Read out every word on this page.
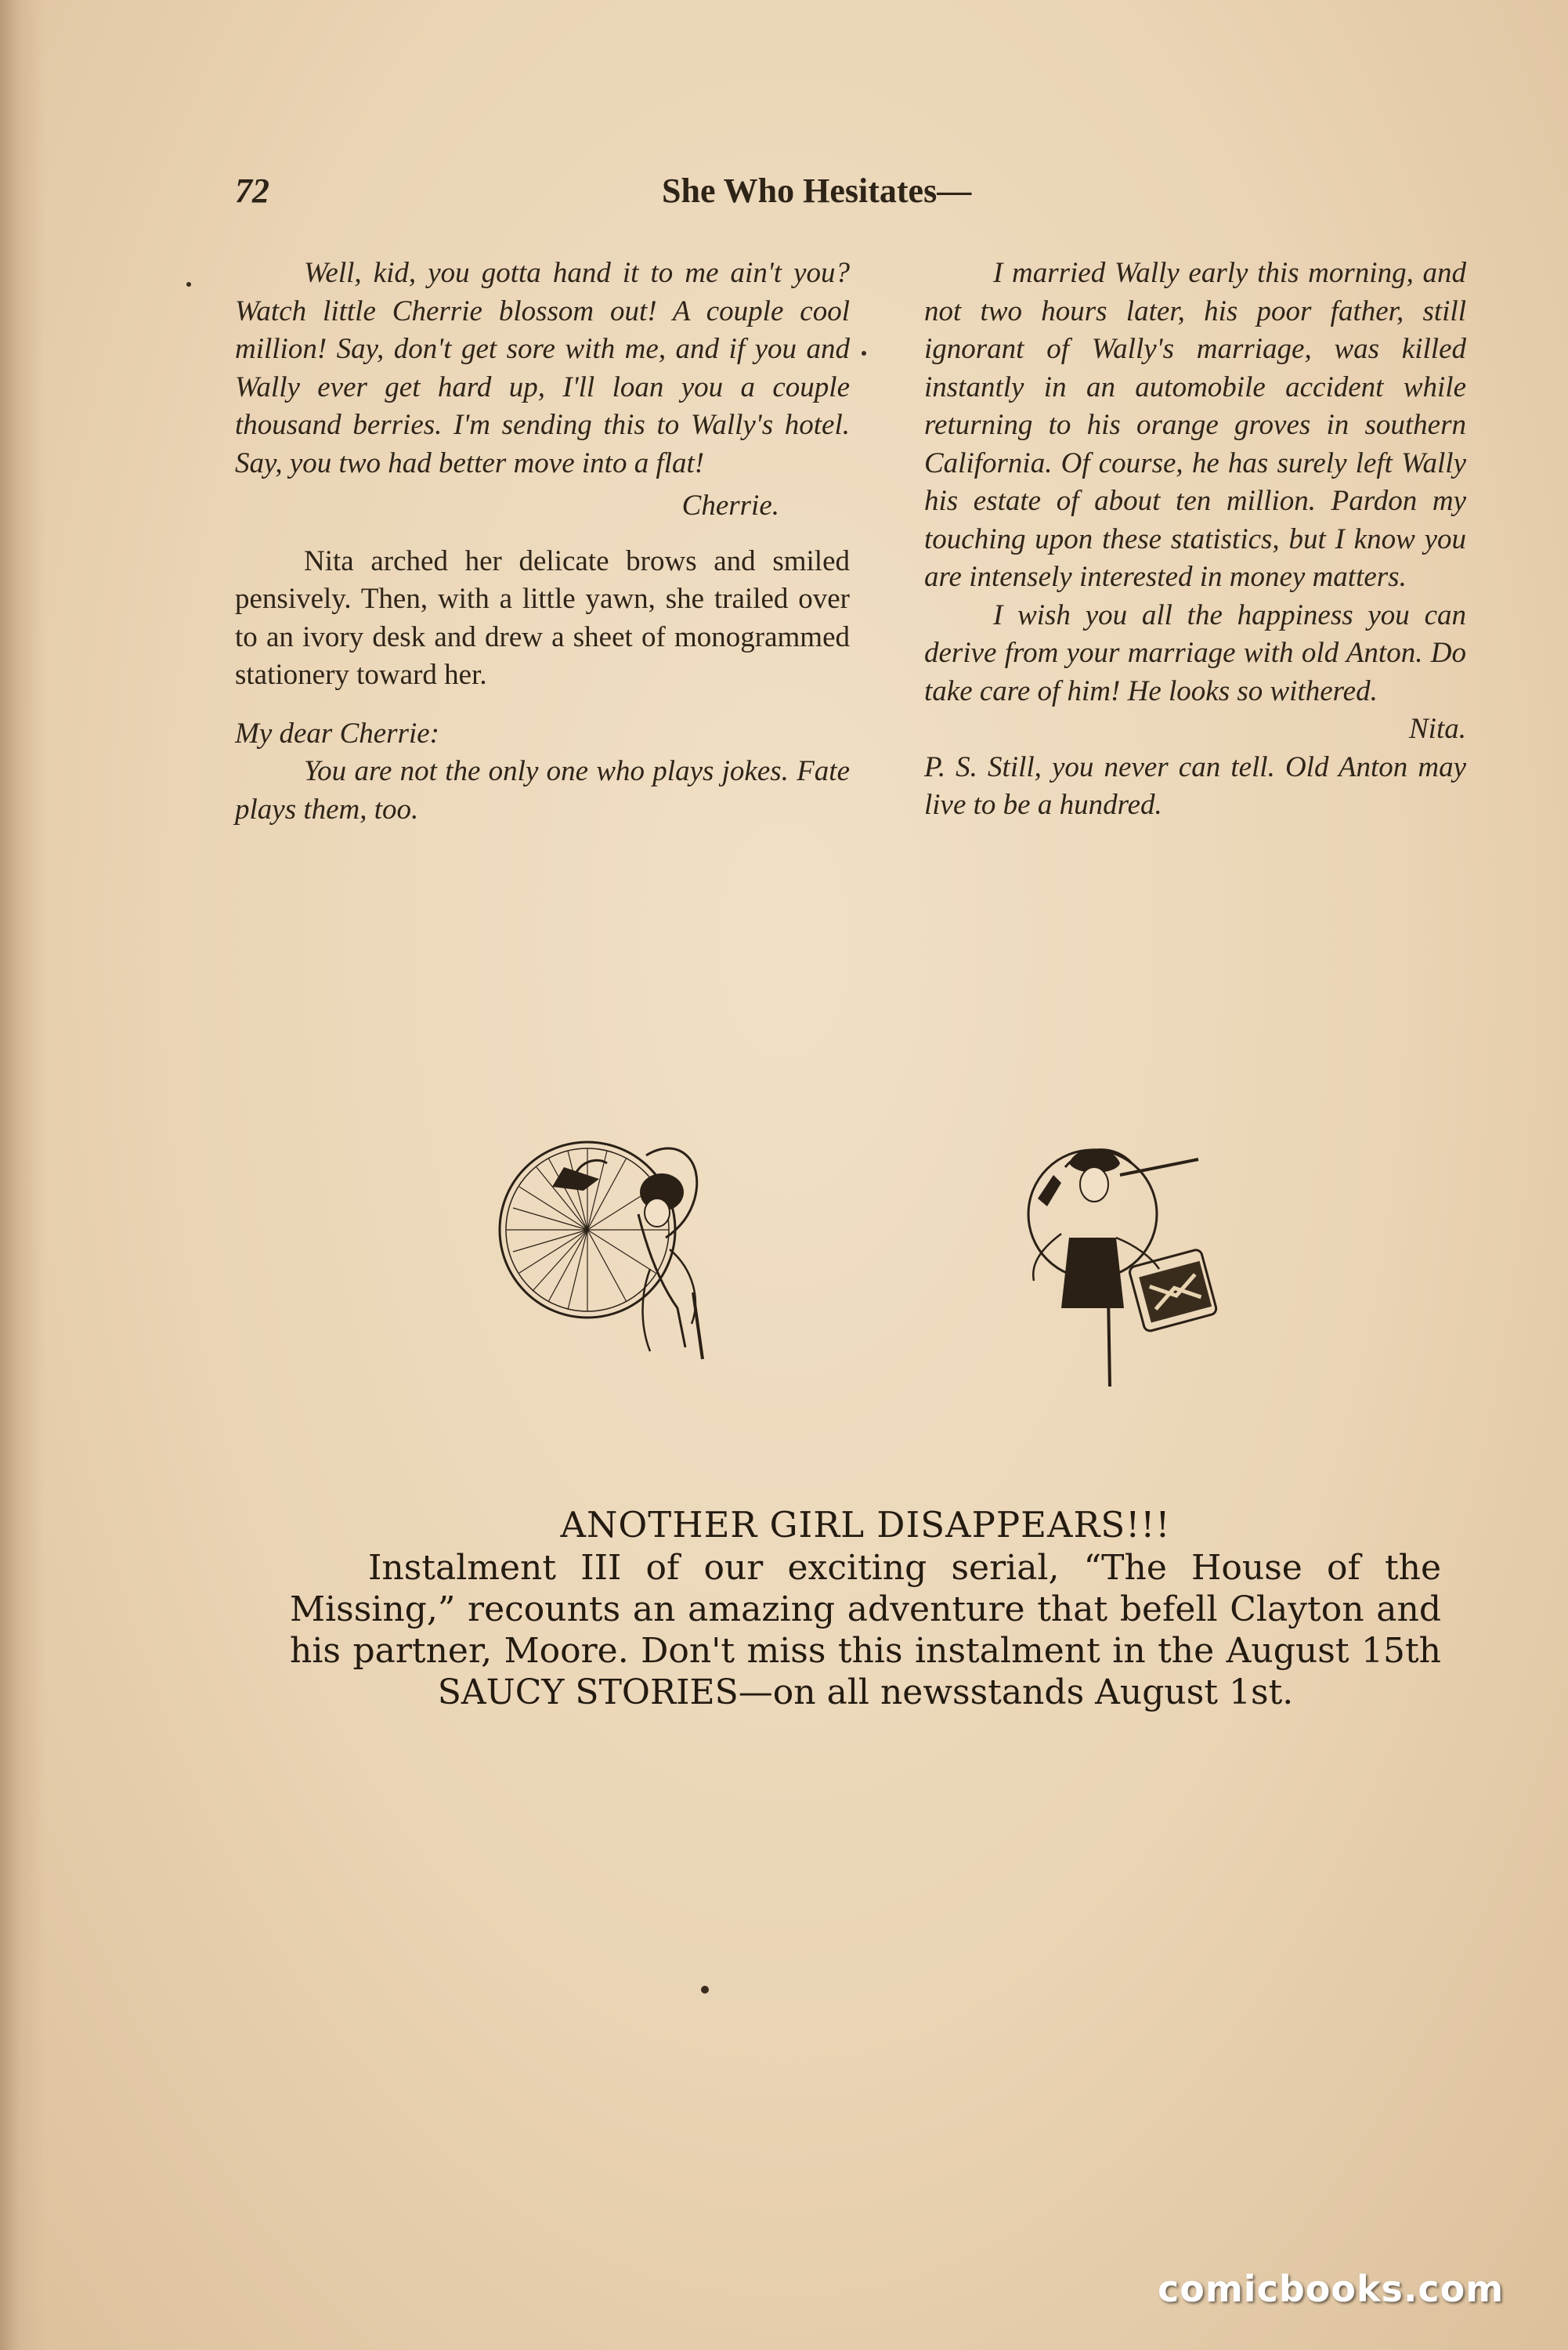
72	She Who Hesitates—

Well, kid, you gotta hand it to me ain't you? Watch little Cherrie blossom out! A couple cool million! Say, don't get sore with me, and if you and Wally ever get hard up, I'll loan you a couple thousand berries. I'm sending this to Wally's hotel. Say, you two had better move into a flat!

Cherrie.

Nita arched her delicate brows and smiled pensively. Then, with a little yawn, she trailed over to an ivory desk and drew a sheet of monogrammed stationery toward her.

My dear Cherrie:

You are not the only one who plays jokes. Fate plays them, too.

I married Wally early this morning, and not two hours later, his poor father, still ignorant of Wally's marriage, was killed instantly in an automobile accident while returning to his orange groves in southern California. Of course, he has surely left Wally his estate of about ten million. Pardon my touching upon these statistics, but I know you are intensely interested in money matters.

I wish you all the happiness you can derive from your marriage with old Anton. Do take care of him! He looks so withered.

Nita.

P. S. Still, you never can tell. Old Anton may live to be a hundred.

ANOTHER GIRL DISAPPEARS!!!

Instalment III of our exciting serial, “The House of the Missing,” recounts an amazing adventure that befell Clayton and his partner, Moore. Don't miss this instalment in the August 15th SAUCY STORIES—on all newsstands August 1st.

comicbooks.com
